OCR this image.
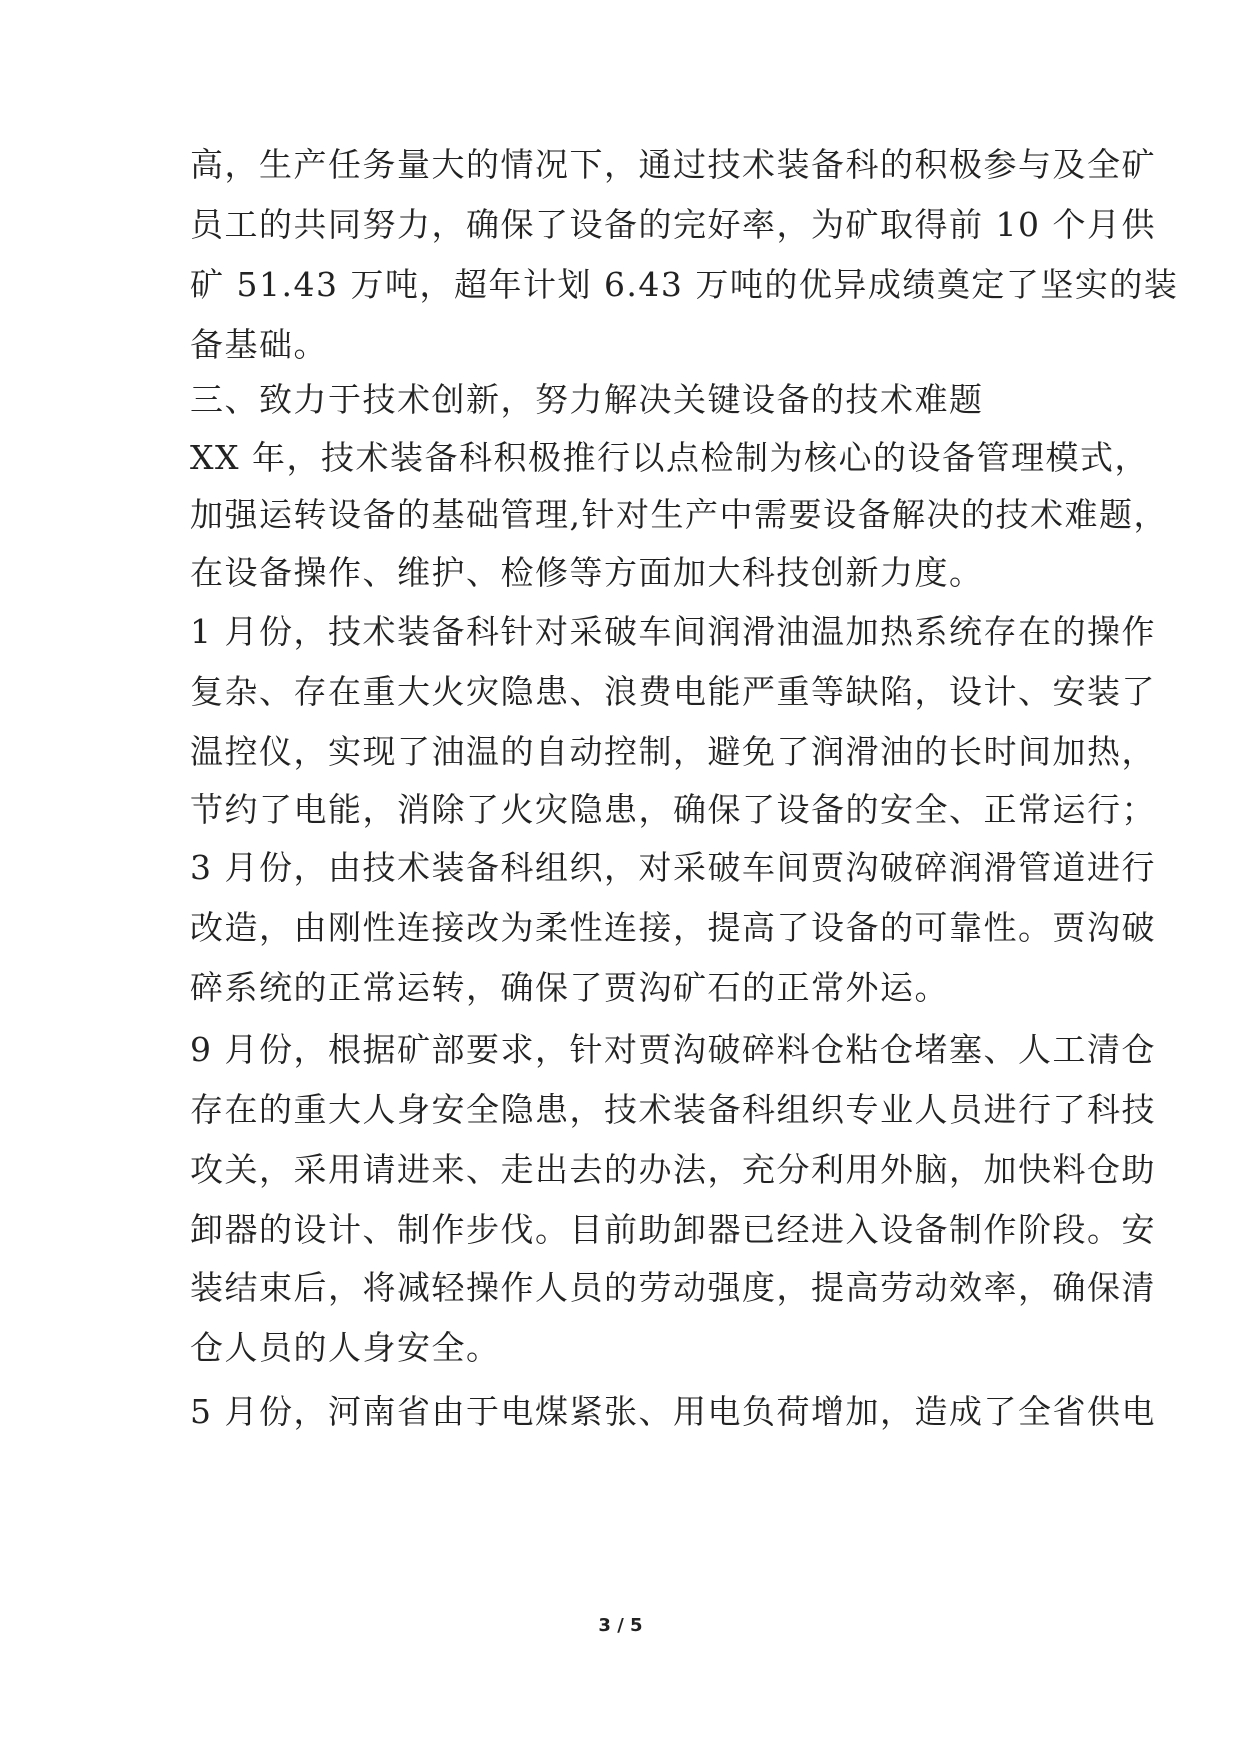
高，生产任务量大的情况下，通过技术装备科的积极参与及全矿
员工的共同努力，确保了设备的完好率，为矿取得前 10 个月供
矿 51.43 万吨，超年计划 6.43 万吨的优异成绩奠定了坚实的装
备基础。
三、致力于技术创新，努力解决关键设备的技术难题
XX 年，技术装备科积极推行以点检制为核心的设备管理模式，
加强运转设备的基础管理,针对生产中需要设备解决的技术难题，
在设备操作、维护、检修等方面加大科技创新力度。
1 月份，技术装备科针对采破车间润滑油温加热系统存在的操作
复杂、存在重大火灾隐患、浪费电能严重等缺陷，设计、安装了
温控仪，实现了油温的自动控制，避免了润滑油的长时间加热，
节约了电能，消除了火灾隐患，确保了设备的安全、正常运行；
3 月份，由技术装备科组织，对采破车间贾沟破碎润滑管道进行
改造，由刚性连接改为柔性连接，提高了设备的可靠性。贾沟破
碎系统的正常运转，确保了贾沟矿石的正常外运。
9 月份，根据矿部要求，针对贾沟破碎料仓粘仓堵塞、人工清仓
存在的重大人身安全隐患，技术装备科组织专业人员进行了科技
攻关，采用请进来、走出去的办法，充分利用外脑，加快料仓助
卸器的设计、制作步伐。目前助卸器已经进入设备制作阶段。安
装结束后，将减轻操作人员的劳动强度，提高劳动效率，确保清
仓人员的人身安全。
5 月份，河南省由于电煤紧张、用电负荷增加，造成了全省供电
3 / 5
